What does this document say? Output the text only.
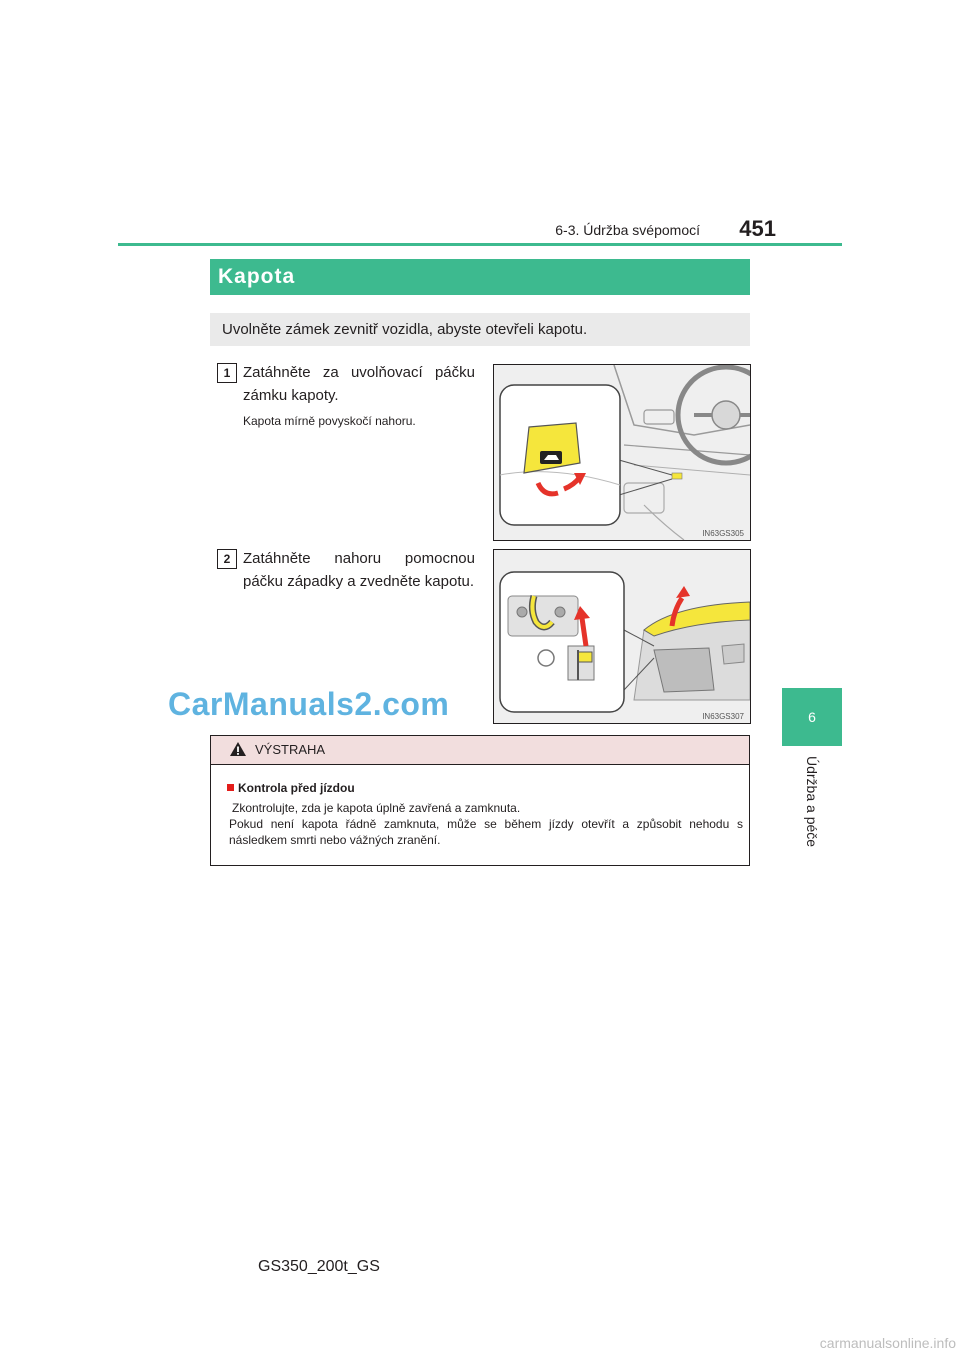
6-3. Údržba svépomocí	451
6
Údržba a péče
Kapota
Uvolněte zámek zevnitř vozidla, abyste otevřeli kapotu.
1 Zatáhněte za uvolňovací páčku zámku kapoty.
Kapota mírně povyskočí nahoru.
IN63GS305
2 Zatáhněte nahoru pomocnou páčku západky a zvedněte kapotu.
IN63GS307
CarManuals2.com
VÝSTRAHA
Kontrola před jízdou

Zkontrolujte, zda je kapota úplně zavřená a zamknuta.

Pokud není kapota řádně zamknuta, může se během jízdy otevřít a způsobit nehodu s následkem smrti nebo vážných zranění.

GS350_200t_GS
carmanualsonline.info
